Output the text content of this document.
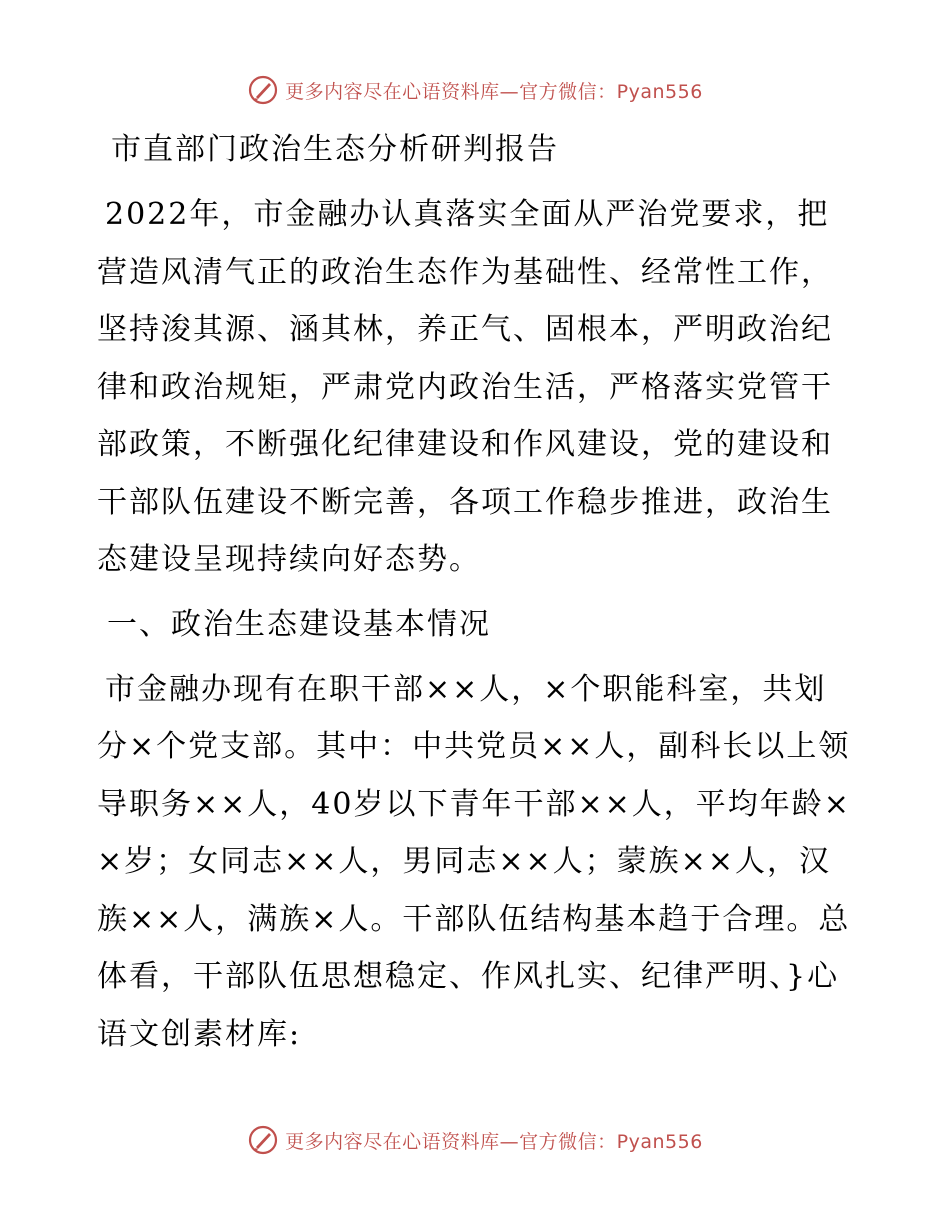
更多内容尽在心语资料库—官方微信：Pyan556
市直部门政治生态分析研判报告

2022年，市金融办认真落实全面从严治党要求，把营造风清气正的政治生态作为基础性、经常性工作，坚持浚其源、涵其林，养正气、固根本，严明政治纪律和政治规矩，严肃党内政治生活，严格落实党管干部政策，不断强化纪律建设和作风建设，党的建设和干部队伍建设不断完善，各项工作稳步推进，政治生态建设呈现持续向好态势。

一、政治生态建设基本情况

市金融办现有在职干部××人，×个职能科室，共划分×个党支部。其中：中共党员××人，副科长以上领导职务××人，40岁以下青年干部××人，平均年龄××岁；女同志××人，男同志××人；蒙族××人，汉族××人，满族×人。干部队伍结构基本趋于合理。总体看，干部队伍思想稳定、作风扎实、纪律严明、}心语文创素材库:

更多内容尽在心语资料库—官方微信：Pyan556
